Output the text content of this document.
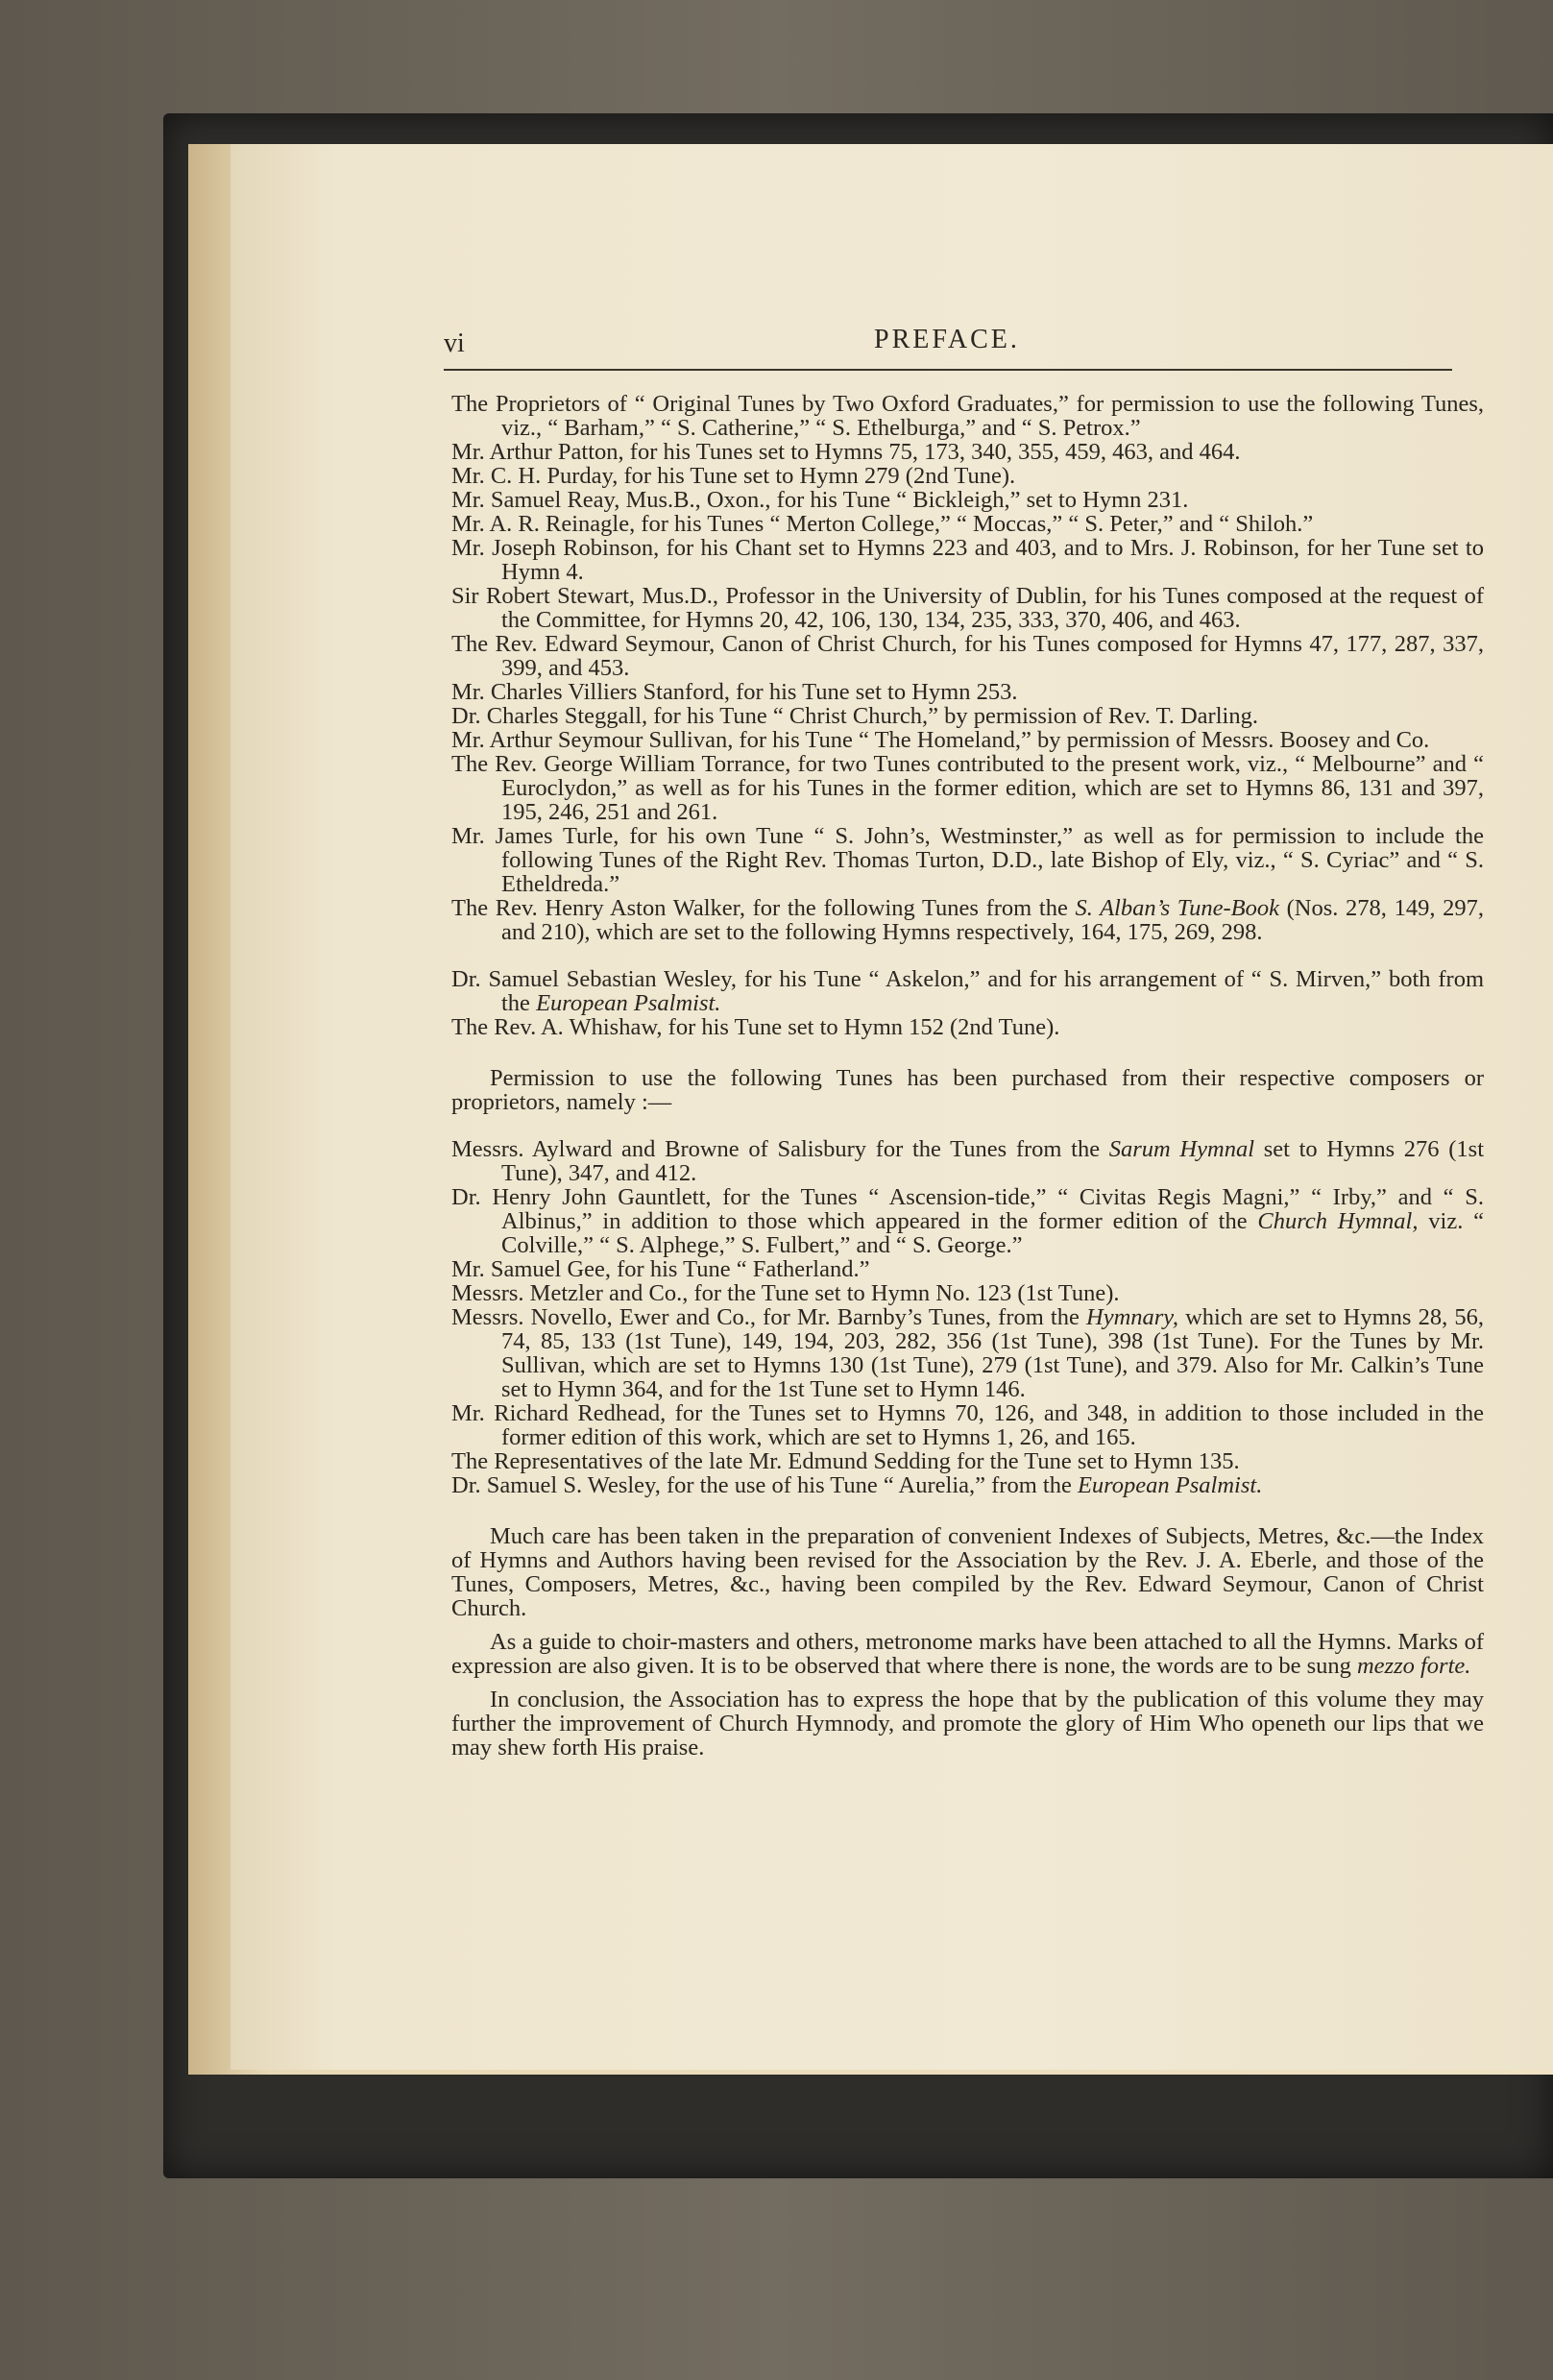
vi	PREFACE.

The Proprietors of “ Original Tunes by Two Oxford Graduates,” for permission to use the following Tunes, viz., “ Barham,” “ S. Catherine,” “ S. Ethelburga,” and “ S. Petrox.”

Mr. Arthur Patton, for his Tunes set to Hymns 75, 173, 340, 355, 459, 463, and 464.

Mr. C. H. Purday, for his Tune set to Hymn 279 (2nd Tune).

Mr. Samuel Reay, Mus.B., Oxon., for his Tune “ Bickleigh,” set to Hymn 231.

Mr. A. R. Reinagle, for his Tunes “ Merton College,” “ Moccas,” “ S. Peter,” and “ Shiloh.”

Mr. Joseph Robinson, for his Chant set to Hymns 223 and 403, and to Mrs. J. Robinson, for her Tune set to Hymn 4.

Sir Robert Stewart, Mus.D., Professor in the University of Dublin, for his Tunes composed at the request of the Committee, for Hymns 20, 42, 106, 130, 134, 235, 333, 370, 406, and 463.

The Rev. Edward Seymour, Canon of Christ Church, for his Tunes composed for Hymns 47, 177, 287, 337, 399, and 453.

Mr. Charles Villiers Stanford, for his Tune set to Hymn 253.

Dr. Charles Steggall, for his Tune “ Christ Church,” by permission of Rev. T. Darling.

Mr. Arthur Seymour Sullivan, for his Tune “ The Homeland,” by permission of Messrs. Boosey and Co.

The Rev. George William Torrance, for two Tunes contributed to the present work, viz., “ Melbourne” and “ Euroclydon,” as well as for his Tunes in the former edition, which are set to Hymns 86, 131 and 397, 195, 246, 251 and 261.

Mr. James Turle, for his own Tune “ S. John’s, Westminster,” as well as for permission to include the following Tunes of the Right Rev. Thomas Turton, D.D., late Bishop of Ely, viz., “ S. Cyriac” and “ S. Etheldreda.”

The Rev. Henry Aston Walker, for the following Tunes from the S. Alban’s Tune-Book (Nos. 278, 149, 297, and 210), which are set to the following Hymns respectively, 164, 175, 269, 298.

Dr. Samuel Sebastian Wesley, for his Tune “ Askelon,” and for his arrangement of “ S. Mirven,” both from the European Psalmist.

The Rev. A. Whishaw, for his Tune set to Hymn 152 (2nd Tune).

Permission to use the following Tunes has been purchased from their respective composers or proprietors, namely :—

Messrs. Aylward and Browne of Salisbury for the Tunes from the Sarum Hymnal set to Hymns 276 (1st Tune), 347, and 412.

Dr. Henry John Gauntlett, for the Tunes “ Ascension-tide,” “ Civitas Regis Magni,” “ Irby,” and “ S. Albinus,” in addition to those which appeared in the former edition of the Church Hymnal, viz. “ Colville,” “ S. Alphege,” S. Fulbert,” and “ S. George.”

Mr. Samuel Gee, for his Tune “ Fatherland.”

Messrs. Metzler and Co., for the Tune set to Hymn No. 123 (1st Tune).

Messrs. Novello, Ewer and Co., for Mr. Barnby’s Tunes, from the Hymnary, which are set to Hymns 28, 56, 74, 85, 133 (1st Tune), 149, 194, 203, 282, 356 (1st Tune), 398 (1st Tune). For the Tunes by Mr. Sullivan, which are set to Hymns 130 (1st Tune), 279 (1st Tune), and 379. Also for Mr. Calkin’s Tune set to Hymn 364, and for the 1st Tune set to Hymn 146.

Mr. Richard Redhead, for the Tunes set to Hymns 70, 126, and 348, in addition to those included in the former edition of this work, which are set to Hymns 1, 26, and 165.

The Representatives of the late Mr. Edmund Sedding for the Tune set to Hymn 135.

Dr. Samuel S. Wesley, for the use of his Tune “ Aurelia,” from the European Psalmist.

Much care has been taken in the preparation of convenient Indexes of Subjects, Metres, &c.—the Index of Hymns and Authors having been revised for the Association by the Rev. J. A. Eberle, and those of the Tunes, Composers, Metres, &c., having been compiled by the Rev. Edward Seymour, Canon of Christ Church.

As a guide to choir-masters and others, metronome marks have been attached to all the Hymns. Marks of expression are also given. It is to be observed that where there is none, the words are to be sung mezzo forte.

In conclusion, the Association has to express the hope that by the publication of this volume they may further the improvement of Church Hymnody, and promote the glory of Him Who openeth our lips that we may shew forth His praise.
